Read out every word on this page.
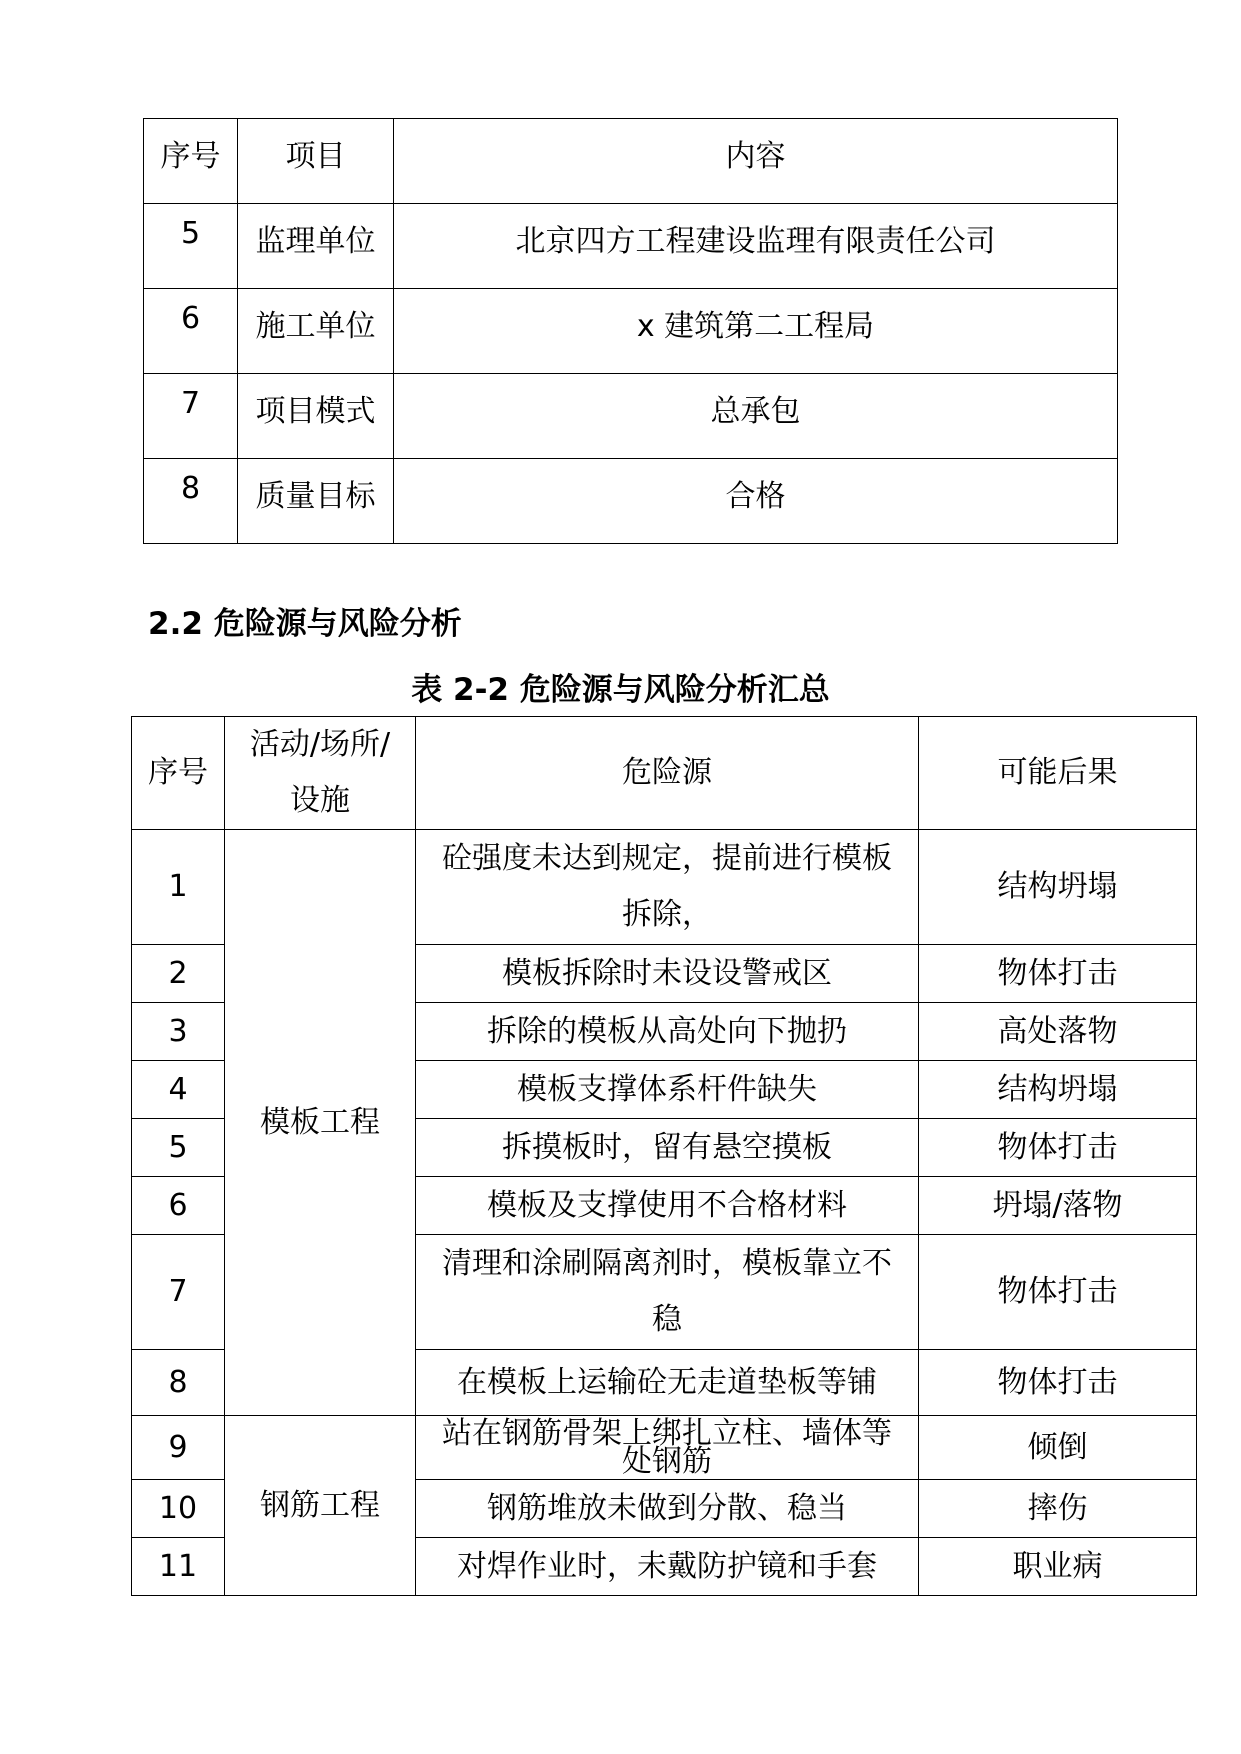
序号	项目	内容
5	监理单位	北京四方工程建设监理有限责任公司
6	施工单位	x 建筑第二工程局
7	项目模式	总承包
8	质量目标	合格
2.2 危险源与风险分析
表 2-2 危险源与风险分析汇总
序号	活动/场所/设施	危险源	可能后果
1	模板工程	砼强度未达到规定，提前进行模板拆除，	结构坍塌
2		模板拆除时未设设警戒区	物体打击
3		拆除的模板从高处向下抛扔	高处落物
4		模板支撑体系杆件缺失	结构坍塌
5		拆摸板时，留有悬空摸板	物体打击
6		模板及支撑使用不合格材料	坍塌/落物
7		清理和涂刷隔离剂时，模板靠立不稳	物体打击
8		在模板上运输砼无走道垫板等铺	物体打击
9	钢筋工程	站在钢筋骨架上绑扎立柱、墙体等处钢筋	倾倒
10		钢筋堆放未做到分散、稳当	摔伤
11		对焊作业时，未戴防护镜和手套	职业病
